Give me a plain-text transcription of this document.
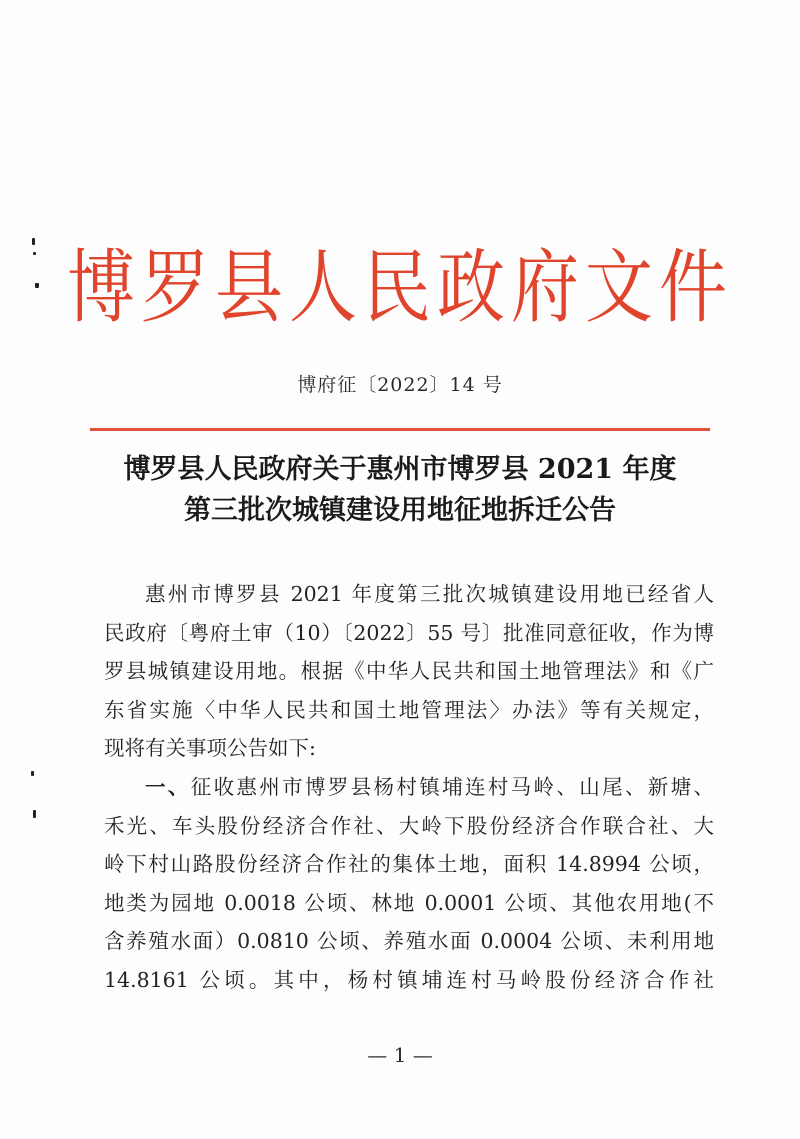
博罗县人民政府文件
博府征〔2022〕14 号
博罗县人民政府关于惠州市博罗县 2021 年度
第三批次城镇建设用地征地拆迁公告
惠州市博罗县 2021 年度第三批次城镇建设用地已经省人
民政府〔粤府土审（10）〔2022〕55 号〕批准同意征收，作为博
罗县城镇建设用地。根据《中华人民共和国土地管理法》和《广
东省实施〈中华人民共和国土地管理法〉办法》等有关规定，
现将有关事项公告如下:
一、征收惠州市博罗县杨村镇埔连村马岭、山尾、新塘、
禾光、车头股份经济合作社、大岭下股份经济合作联合社、大
岭下村山路股份经济合作社的集体土地，面积 14.8994 公顷，
地类为园地 0.0018 公顷、林地 0.0001 公顷、其他农用地(不
含养殖水面）0.0810 公顷、养殖水面 0.0004 公顷、未利用地
14.8161 公顷。其中，杨村镇埔连村马岭股份经济合作社
— 1 —
